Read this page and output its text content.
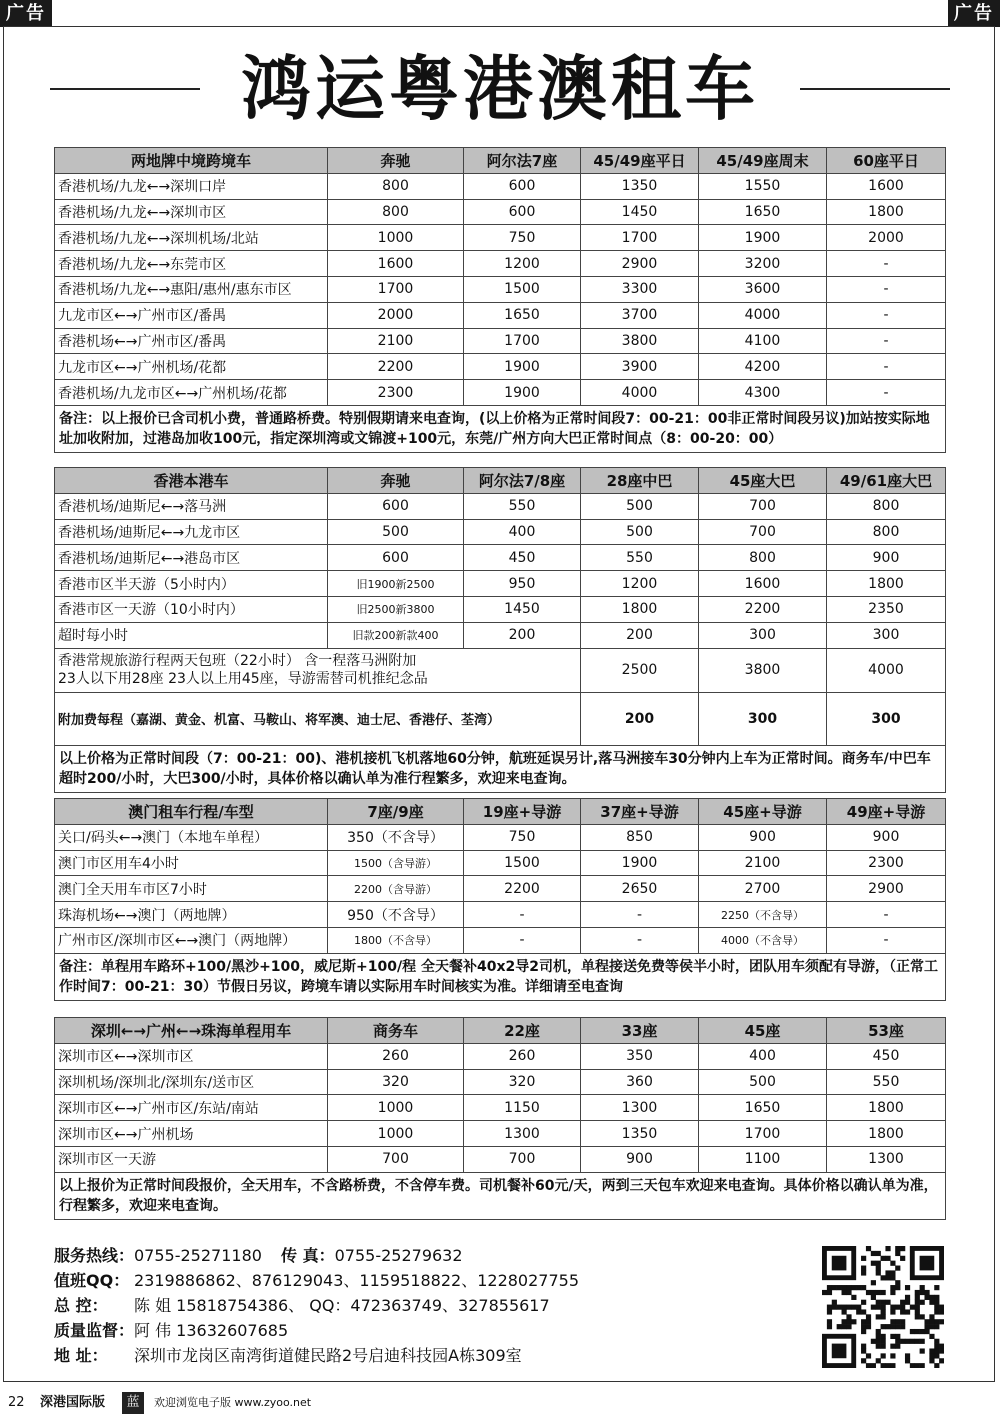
广告	广告
鸿运粤港澳租车
两地牌中境跨境车	奔驰	阿尔法7座	45/49座平日	45/49座周末	60座平日
香港机场/九龙←→深圳口岸	800	600	1350	1550	1600
香港机场/九龙←→深圳市区	800	600	1450	1650	1800
香港机场/九龙←→深圳机场/北站	1000	750	1700	1900	2000
香港机场/九龙←→东莞市区	1600	1200	2900	3200	-
香港机场/九龙←→惠阳/惠州/惠东市区	1700	1500	3300	3600	-
九龙市区←→广州市区/番禺	2000	1650	3700	4000	-
香港机场←→广州市区/番禺	2100	1700	3800	4100	-
九龙市区←→广州机场/花都	2200	1900	3900	4200	-
香港机场/九龙市区←→广州机场/花都	2300	1900	4000	4300	-
备注：以上报价已含司机小费，普通路桥费。特别假期请来电查询，(以上价格为正常时间段7：00-21：00非正常时间段另议)加站按实际地址加收附加，过港岛加收100元，指定深圳湾或文锦渡+100元，东莞/广州方向大巴正常时间点（8：00-20：00）					
香港本港车	奔驰	阿尔法7/8座	28座中巴	45座大巴	49/61座大巴
香港机场/迪斯尼←→落马洲	600	550	500	700	800
香港机场/迪斯尼←→九龙市区	500	400	500	700	800
香港机场/迪斯尼←→港岛市区	600	450	550	800	900
香港市区半天游（5小时内）	旧1900新2500	950	1200	1600	1800
香港市区一天游（10小时内）	旧2500新3800	1450	1800	2200	2350
超时每小时	旧款200新款400	200	200	300	300
香港常规旅游行程两天包班（22小时） 含一程落马洲附加
23人以下用28座 23人以上用45座，导游需替司机推纪念品			2500	3800	4000
附加费每程（嘉湖、黄金、机富、马鞍山、将军澳、迪士尼、香港仔、荃湾）			200	300	300
以上价格为正常时间段（7：00-21：00)、港机接机飞机落地60分钟，航班延误另计,落马洲接车30分钟内上车为正常时间。商务车/中巴车超时200/小时，大巴300/小时，具体价格以确认单为准行程繁多，欢迎来电查询。					
澳门租车行程/车型	7座/9座	19座+导游	37座+导游	45座+导游	49座+导游
关口/码头←→澳门（本地车单程）	350（不含导）	750	850	900	900
澳门市区用车4小时	1500（含导游）	1500	1900	2100	2300
澳门全天用车市区7小时	2200（含导游）	2200	2650	2700	2900
珠海机场←→澳门（两地牌）	950（不含导）	-	-	2250（不含导）	-
广州市区/深圳市区←→澳门（两地牌）	1800（不含导）	-	-	4000（不含导）	-
备注：单程用车路环+100/黑沙+100，威尼斯+100/程 全天餐补40x2导2司机，单程接送免费等侯半小时，团队用车须配有导游，（正常工作时间7：00-21：30）节假日另议，跨境车请以实际用车时间核实为准。详细请至电查询					
深圳←→广州←→珠海单程用车	商务车	22座	33座	45座	53座
深圳市区←→深圳市区	260	260	350	400	450
深圳机场/深圳北/深圳东/送市区	320	320	360	500	550
深圳市区←→广州市区/东站/南站	1000	1150	1300	1650	1800
深圳市区←→广州机场	1000	1300	1350	1700	1800
深圳市区一天游	700	700	900	1100	1300
以上报价为正常时间段报价，全天用车，不含路桥费，不含停车费。司机餐补60元/天，两到三天包车欢迎来电查询。具体价格以确认单为准，行程繁多，欢迎来电查询。					
服务热线：0755-25271180 传 真：0755-25279632
值班QQ： 2319886862、876129043、1159518822、1228027755
总 控： 陈 姐 15818754386、 QQ：472363749、327855617
质量监督：阿 伟 13632607685
地 址： 深圳市龙岗区南湾街道健民路2号启迪科技园A栋309室
22 深港国际版	蓝	欢迎浏览电子版 www.zyoo.net
